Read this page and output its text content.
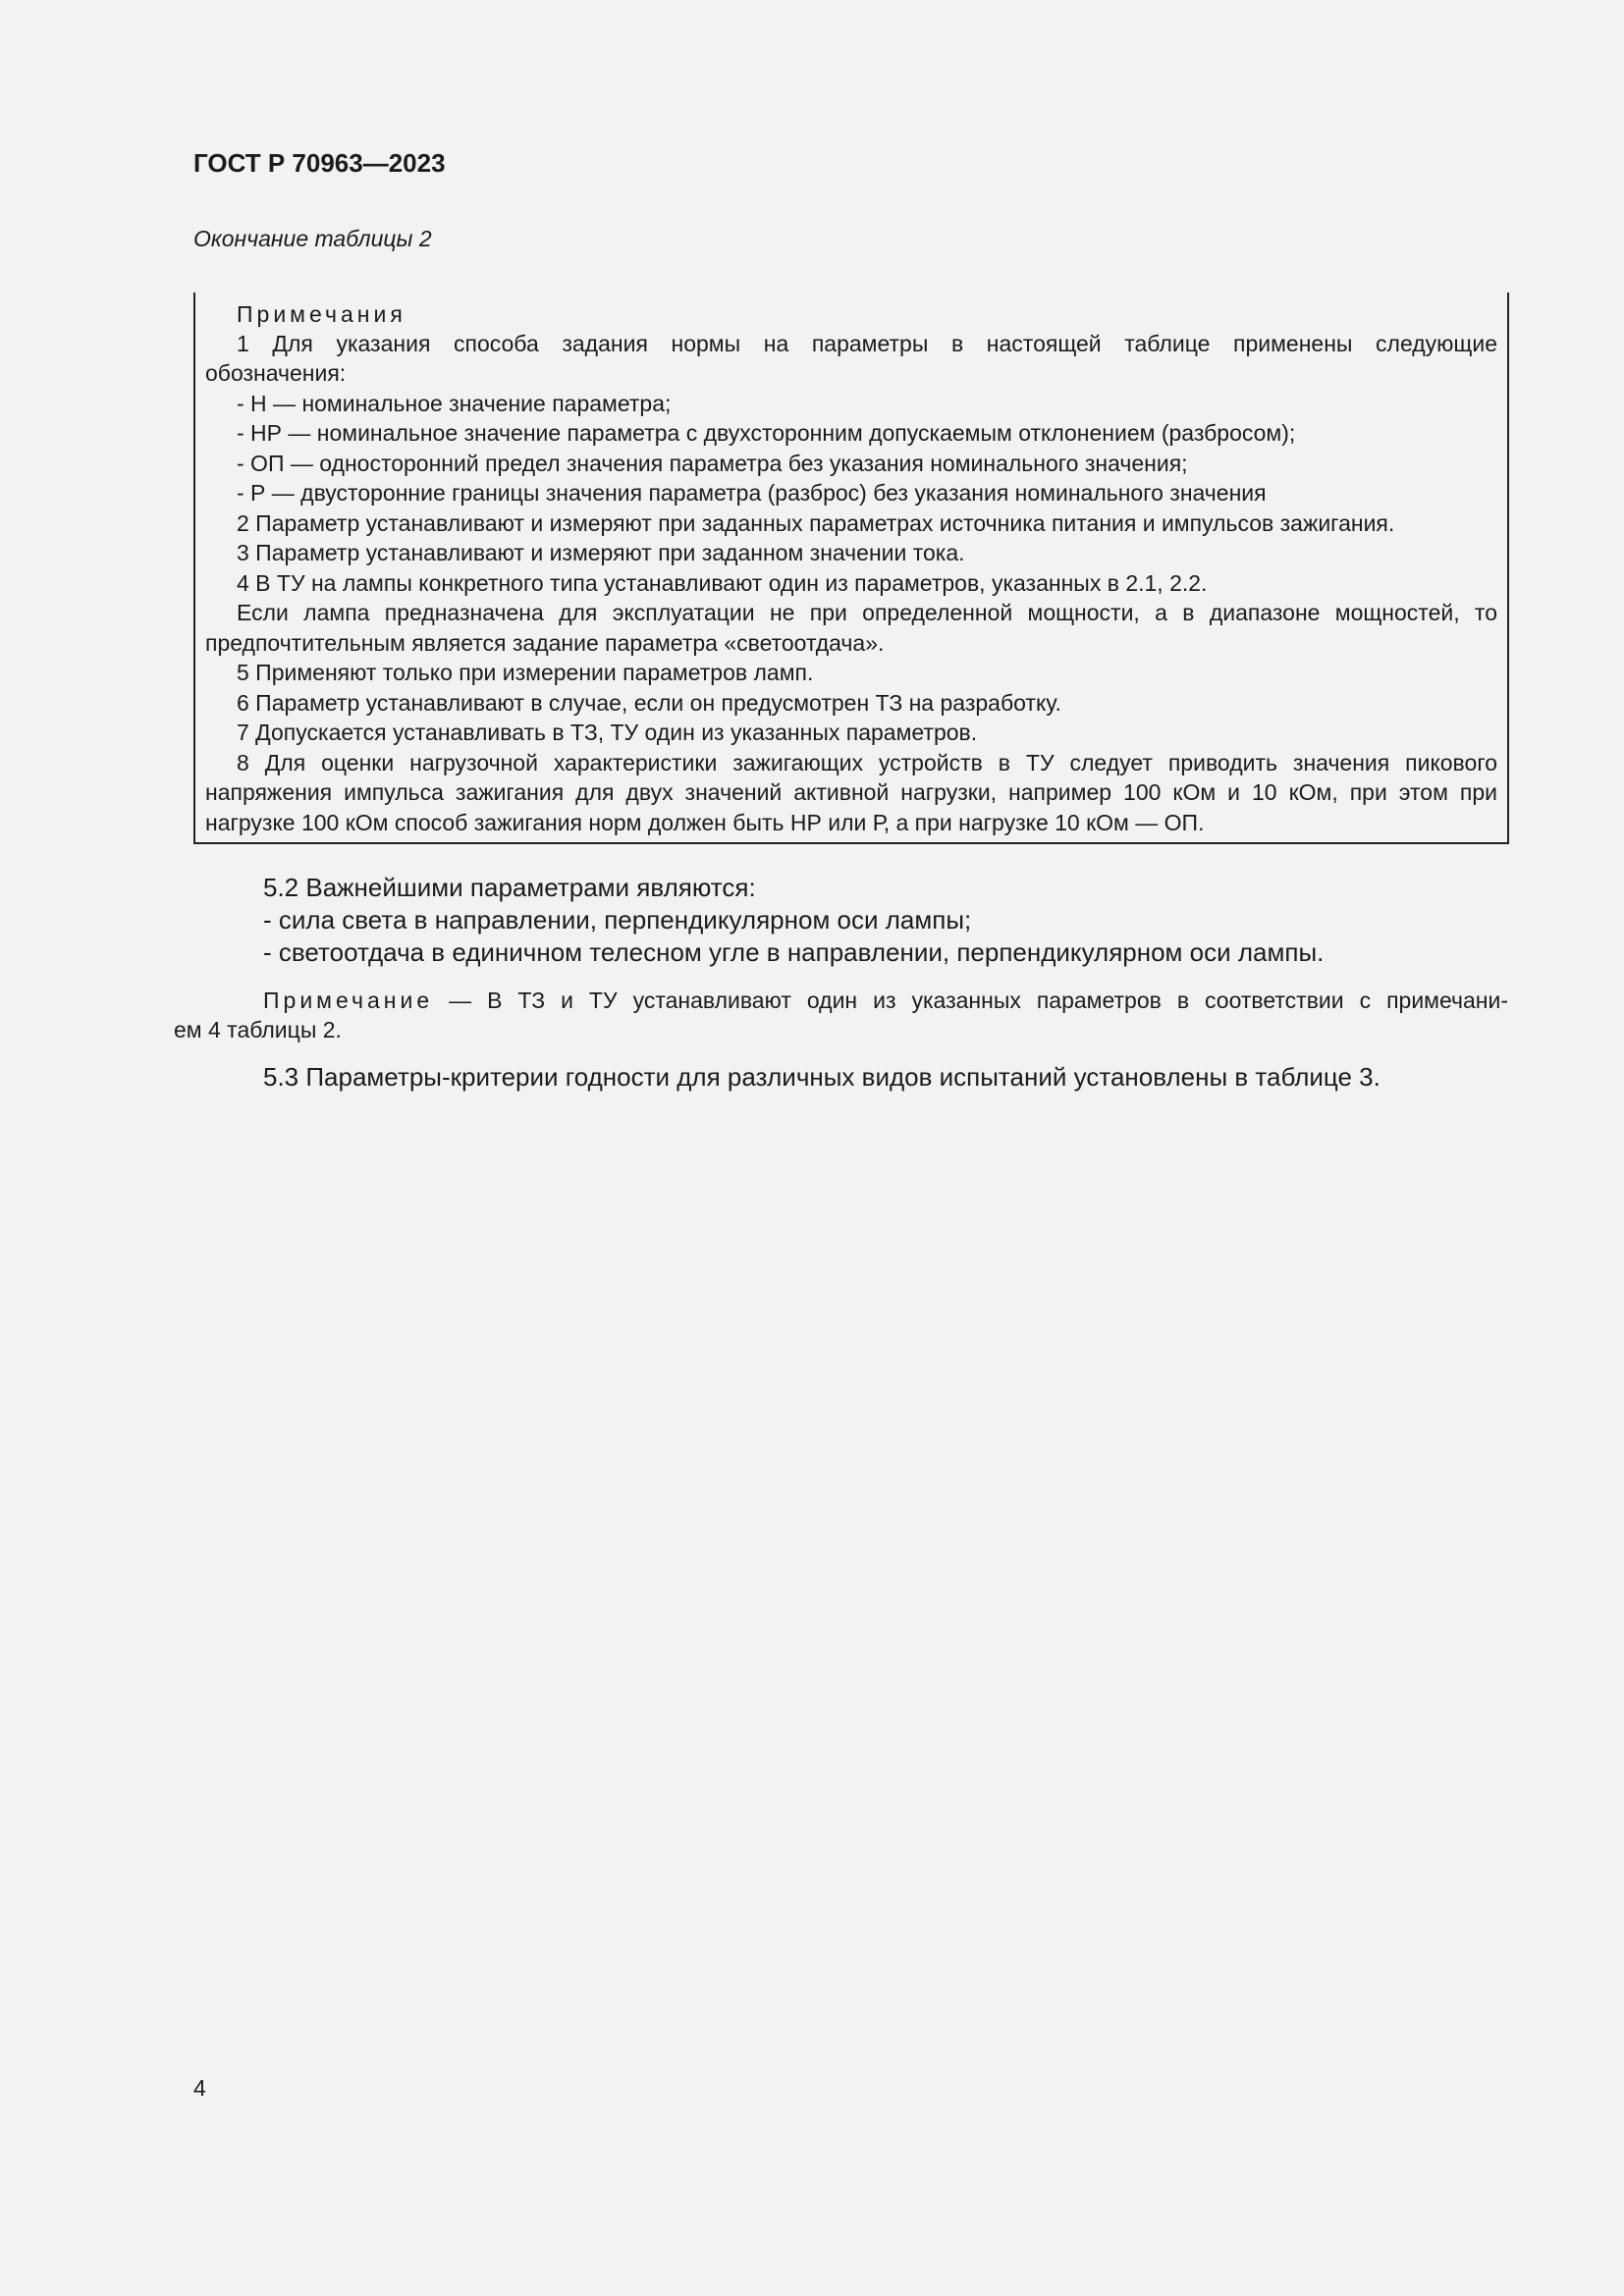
ГОСТ Р 70963—2023
Окончание таблицы 2
Примечания
1 Для указания способа задания нормы на параметры в настоящей таблице применены следующие
обозначения:
- Н — номинальное значение параметра;
- НР — номинальное значение параметра с двухсторонним допускаемым отклонением (разбросом);
- ОП — односторонний предел значения параметра без указания номинального значения;
- Р — двусторонние границы значения параметра (разброс) без указания номинального значения
2 Параметр устанавливают и измеряют при заданных параметрах источника питания и импульсов зажигания.
3 Параметр устанавливают и измеряют при заданном значении тока.
4 В ТУ на лампы конкретного типа устанавливают один из параметров, указанных в 2.1, 2.2.
Если лампа предназначена для эксплуатации не при определенной мощности, а в диапазоне мощностей, то
предпочтительным является задание параметра «светоотдача».
5 Применяют только при измерении параметров ламп.
6 Параметр устанавливают в случае, если он предусмотрен ТЗ на разработку.
7 Допускается устанавливать в ТЗ, ТУ один из указанных параметров.
8 Для оценки нагрузочной характеристики зажигающих устройств в ТУ следует приводить значения пикового
напряжения импульса зажигания для двух значений активной нагрузки, например 100 кОм и 10 кОм, при этом при
нагрузке 100 кОм способ зажигания норм должен быть НР или Р, а при нагрузке 10 кОм — ОП.
5.2 Важнейшими параметрами являются:
- сила света в направлении, перпендикулярном оси лампы;
- светоотдача в единичном телесном угле в направлении, перпендикулярном оси лампы.
Примечание — В ТЗ и ТУ устанавливают один из указанных параметров в соответствии с примечани-
ем 4 таблицы 2.
5.3 Параметры-критерии годности для различных видов испытаний установлены в таблице 3.
4
